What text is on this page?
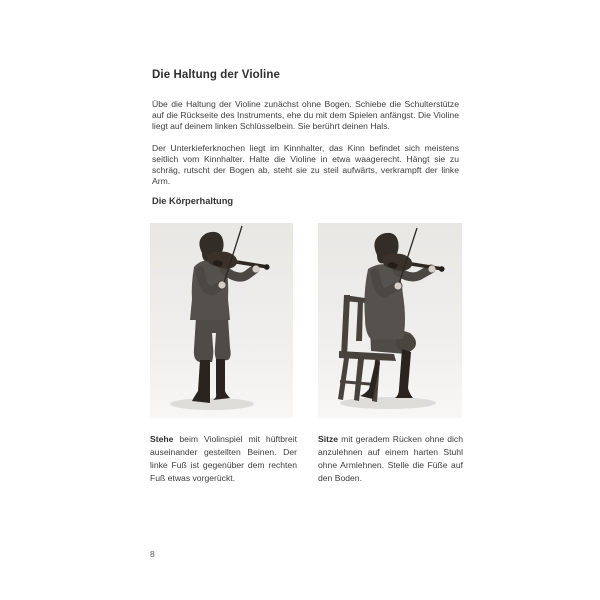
Die Haltung der Violine

Übe die Haltung der Violine zunächst ohne Bogen. Schiebe die Schulterstütze auf die Rückseite des Instruments, ehe du mit dem Spielen anfängst. Die Violine liegt auf deinem linken Schlüsselbein. Sie berührt deinen Hals.

Der Unterkieferknochen liegt im Kinnhalter, das Kinn befindet sich meistens seitlich vom Kinnhalter. Halte die Violine in etwa waagerecht. Hängt sie zu schräg, rutscht der Bogen ab, steht sie zu steil aufwärts, verkrampft der linke Arm.

Die Körperhaltung

Stehe beim Violinspiel mit hüftbreit auseinander gestellten Beinen. Der linke Fuß ist gegenüber dem rechten Fuß etwas vorgerückt.

Sitze mit geradem Rücken ohne dich anzulehnen auf einem harten Stuhl ohne Armlehnen. Stelle die Füße auf den Boden.

8
